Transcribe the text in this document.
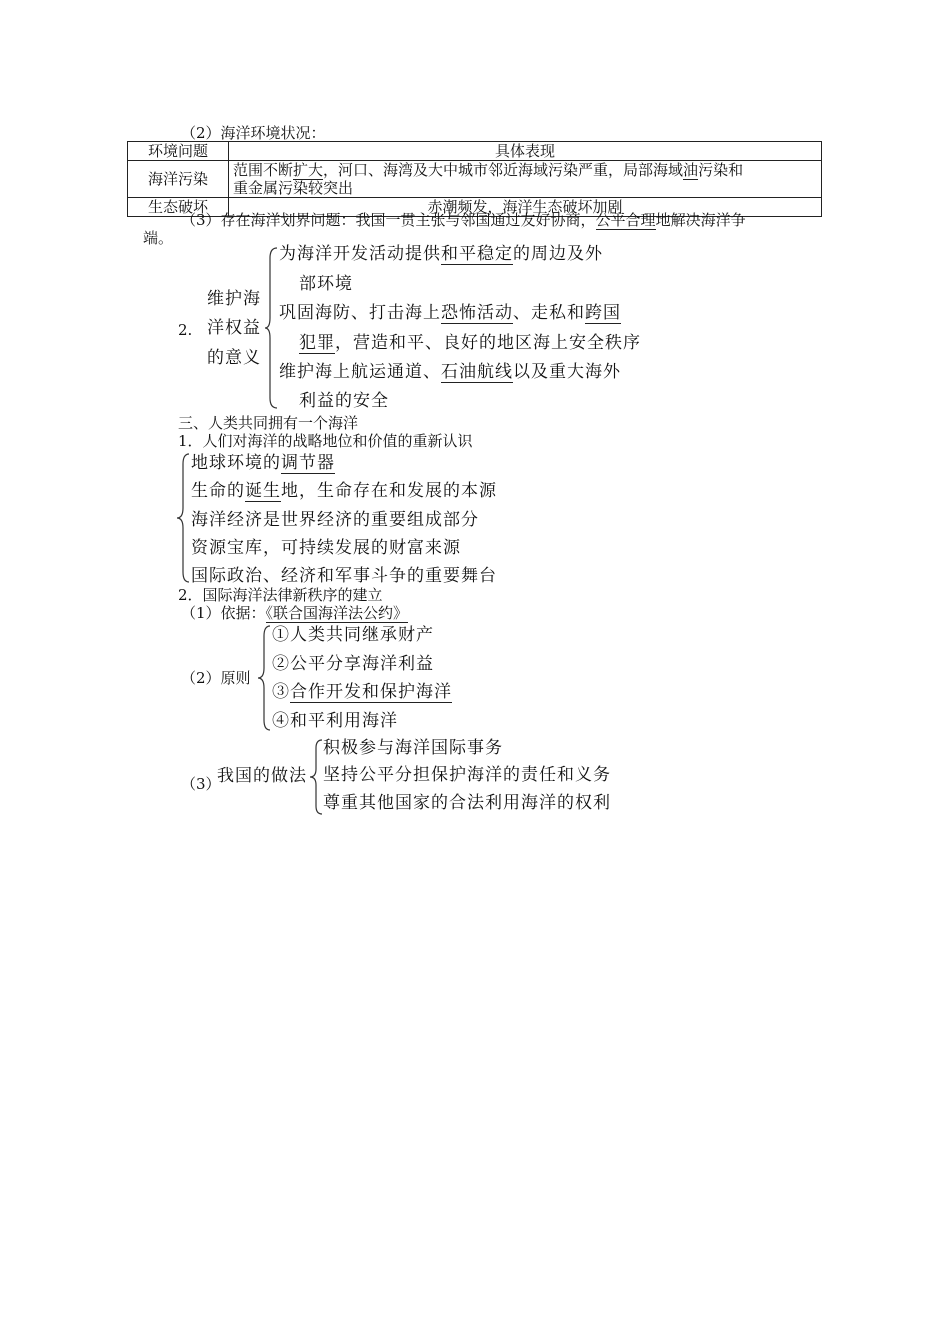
（2）海洋环境状况：
环境问题	具体表现
海洋污染	范围不断扩大，河口、海湾及大中城市邻近海域污染严重，局部海域油污染和
重金属污染较突出
生态破坏	赤潮频发，海洋生态破坏加剧
（3）存在海洋划界问题：我国一贯主张与邻国通过友好协商，公平合理地解决海洋争
端。
2.
维护海
洋权益
的意义
为海洋开发活动提供和平稳定的周边及外
部环境
巩固海防、打击海上恐怖活动、走私和跨国
犯罪，营造和平、良好的地区海上安全秩序
维护海上航运通道、石油航线以及重大海外
利益的安全
三、人类共同拥有一个海洋
1．人们对海洋的战略地位和价值的重新认识
地球环境的调节器
生命的诞生地，生命存在和发展的本源
海洋经济是世界经济的重要组成部分
资源宝库，可持续发展的财富来源
国际政治、经济和军事斗争的重要舞台
2．国际海洋法律新秩序的建立
（1）依据：《联合国海洋法公约》
（2）原则
①人类共同继承财产
②公平分享海洋利益
③合作开发和保护海洋
④和平利用海洋
（3）
我国的做法
积极参与海洋国际事务
坚持公平分担保护海洋的责任和义务
尊重其他国家的合法利用海洋的权利
